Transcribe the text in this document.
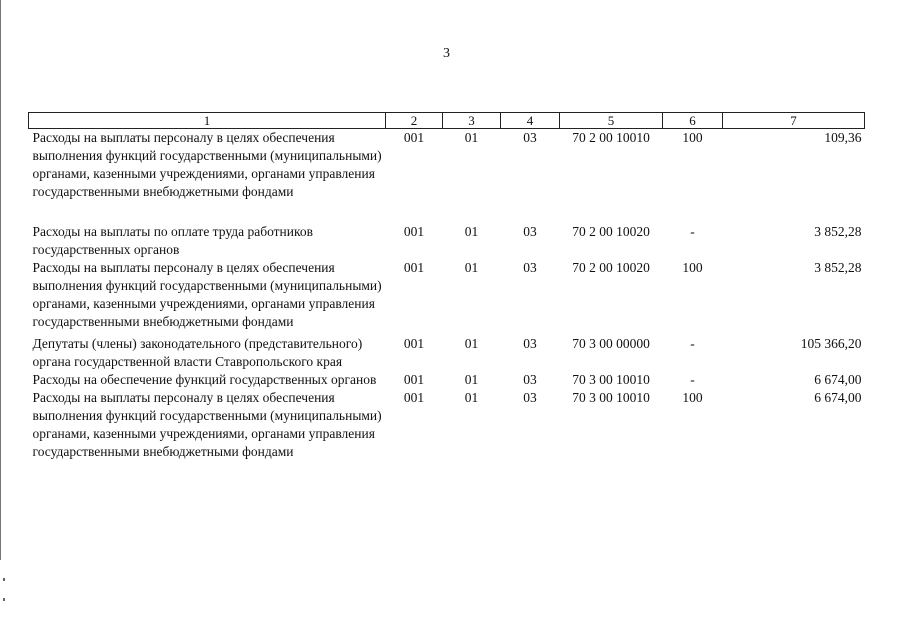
3
1	2	3	4	5	6	7
Расходы на выплаты персоналу в целях обеспечения выполнения функций государственными (муниципальными) органами, казенными учреждениями, органами управления государственными внебюджетными фондами	001	01	03	70 2 00 10010	100	109,36
Расходы на выплаты по оплате труда работников государственных органов	001	01	03	70 2 00 10020	-	3 852,28
Расходы на выплаты персоналу в целях обеспечения выполнения функций государственными (муниципальными) органами, казенными учреждениями, органами управления государственными внебюджетными фондами	001	01	03	70 2 00 10020	100	3 852,28
Депутаты (члены) законодательного (представительного) органа государственной власти Ставропольского края	001	01	03	70 3 00 00000	-	105 366,20
Расходы на обеспечение функций государственных органов	001	01	03	70 3 00 10010	-	6 674,00
Расходы на выплаты персоналу в целях обеспечения выполнения функций государственными (муниципальными) органами, казенными учреждениями, органами управления государственными внебюджетными фондами	001	01	03	70 3 00 10010	100	6 674,00
